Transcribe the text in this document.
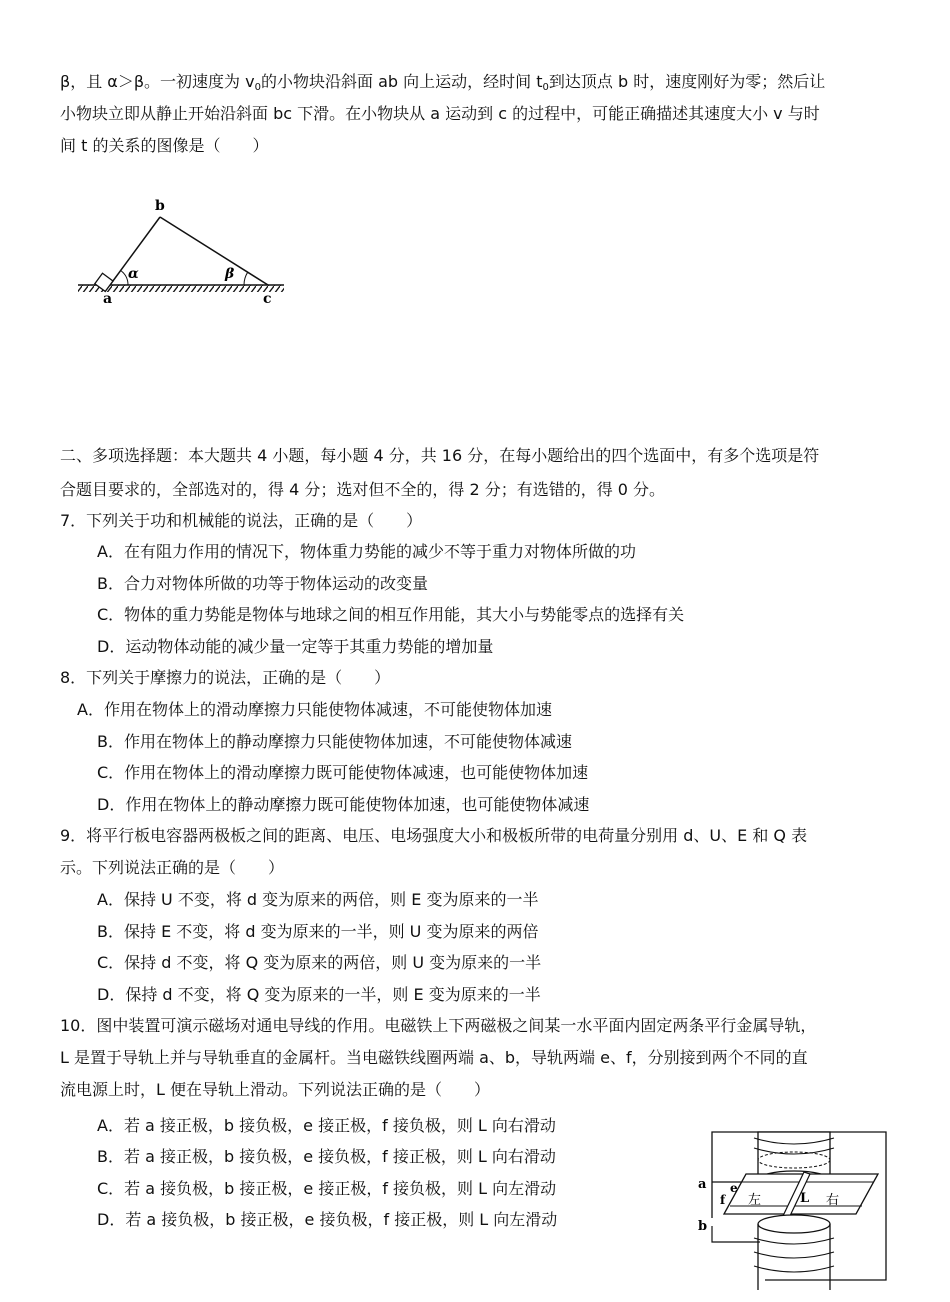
β，且 α＞β。一初速度为 $v_0$的小物块沿斜面 ab 向上运动，经时间 $t_0$到达顶点 b 时，速度刚好为零；然后让
小物块立即从静止开始沿斜面 bc 下滑。在小物块从 a 运动到 c 的过程中，可能正确描述其速度大小 v 与时
间 t 的关系的图像是（　　）
b
α	β
a	c
二、多项选择题：本大题共 4 小题，每小题 4 分，共 16 分，在每小题给出的四个选面中，有多个选项是符
合题目要求的，全部选对的，得 4 分；选对但不全的，得 2 分；有选错的，得 0 分。
7．下列关于功和机械能的说法，正确的是（　　）
A．在有阻力作用的情况下，物体重力势能的减少不等于重力对物体所做的功
B．合力对物体所做的功等于物体运动的改变量
C．物体的重力势能是物体与地球之间的相互作用能，其大小与势能零点的选择有关
D．运动物体动能的减少量一定等于其重力势能的增加量
8．下列关于摩擦力的说法，正确的是（　　）
A．作用在物体上的滑动摩擦力只能使物体减速，不可能使物体加速
B．作用在物体上的静动摩擦力只能使物体加速，不可能使物体减速
C．作用在物体上的滑动摩擦力既可能使物体减速，也可能使物体加速
D．作用在物体上的静动摩擦力既可能使物体加速，也可能使物体减速
9．将平行板电容器两极板之间的距离、电压、电场强度大小和极板所带的电荷量分别用 d、U、E 和 Q 表
示。下列说法正确的是（　　）
A．保持 U 不变，将 d 变为原来的两倍，则 E 变为原来的一半
B．保持 E 不变，将 d 变为原来的一半，则 U 变为原来的两倍
C．保持 d 不变，将 Q 变为原来的两倍，则 U 变为原来的一半
D．保持 d 不变，将 Q 变为原来的一半，则 E 变为原来的一半
10．图中装置可演示磁场对通电导线的作用。电磁铁上下两磁极之间某一水平面内固定两条平行金属导轨，
L 是置于导轨上并与导轨垂直的金属杆。当电磁铁线圈两端 a、b，导轨两端 e、f，分别接到两个不同的直
流电源上时，L 便在导轨上滑动。下列说法正确的是（　　）
A．若 a 接正极，b 接负极，e 接正极，f 接负极，则 L 向右滑动
B．若 a 接正极，b 接负极，e 接负极，f 接正极，则 L 向右滑动
C．若 a 接负极，b 接正极，e 接正极，f 接负极，则 L 向左滑动
D．若 a 接负极，b 接正极，e 接负极，f 接正极，则 L 向左滑动
a
b
e
f 左	L 右
